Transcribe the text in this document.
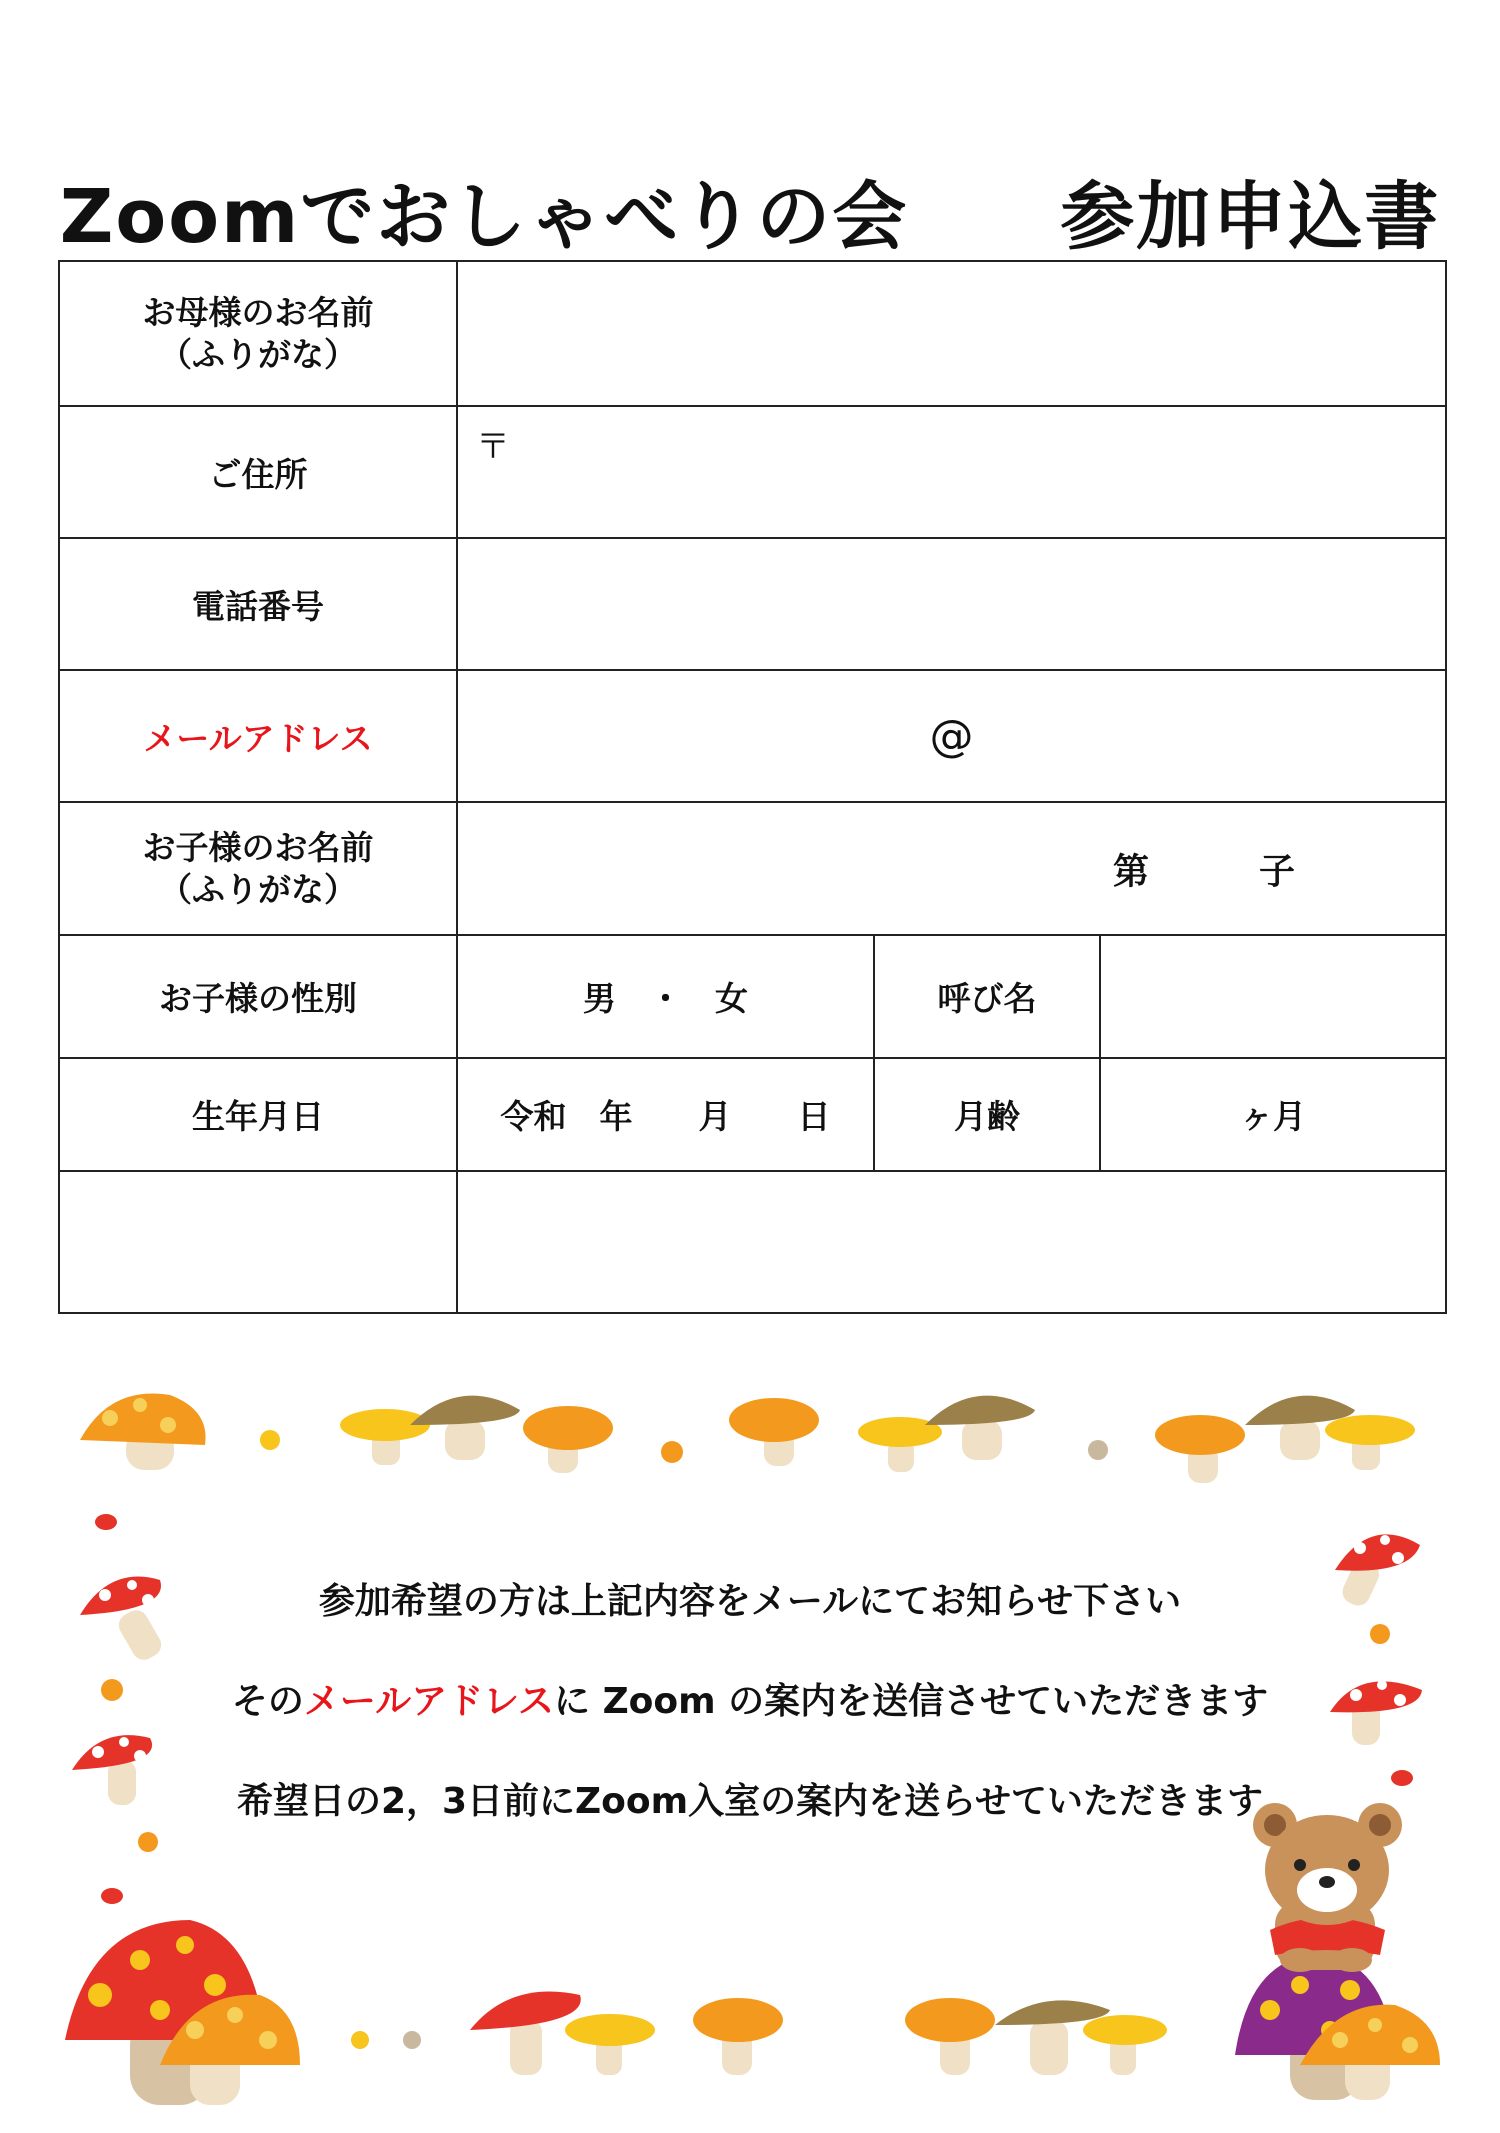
Zoomでおしゃべりの会　　参加申込書
お母様のお名前
（ふりがな）			

ご住所	〒		

電話番号			
メールアドレス	@		

お子様のお名前
（ふりがな）	第 子		

お子様の性別	男　・　女	呼び名	
生年月日	令和　年　　月　　日	月齢	ヶ月

参加希望の方は上記内容をメールにてお知らせ下さい
そのメールアドレスに Zoom の案内を送信させていただきます
希望日の2，3日前にZoom入室の案内を送らせていただきます
